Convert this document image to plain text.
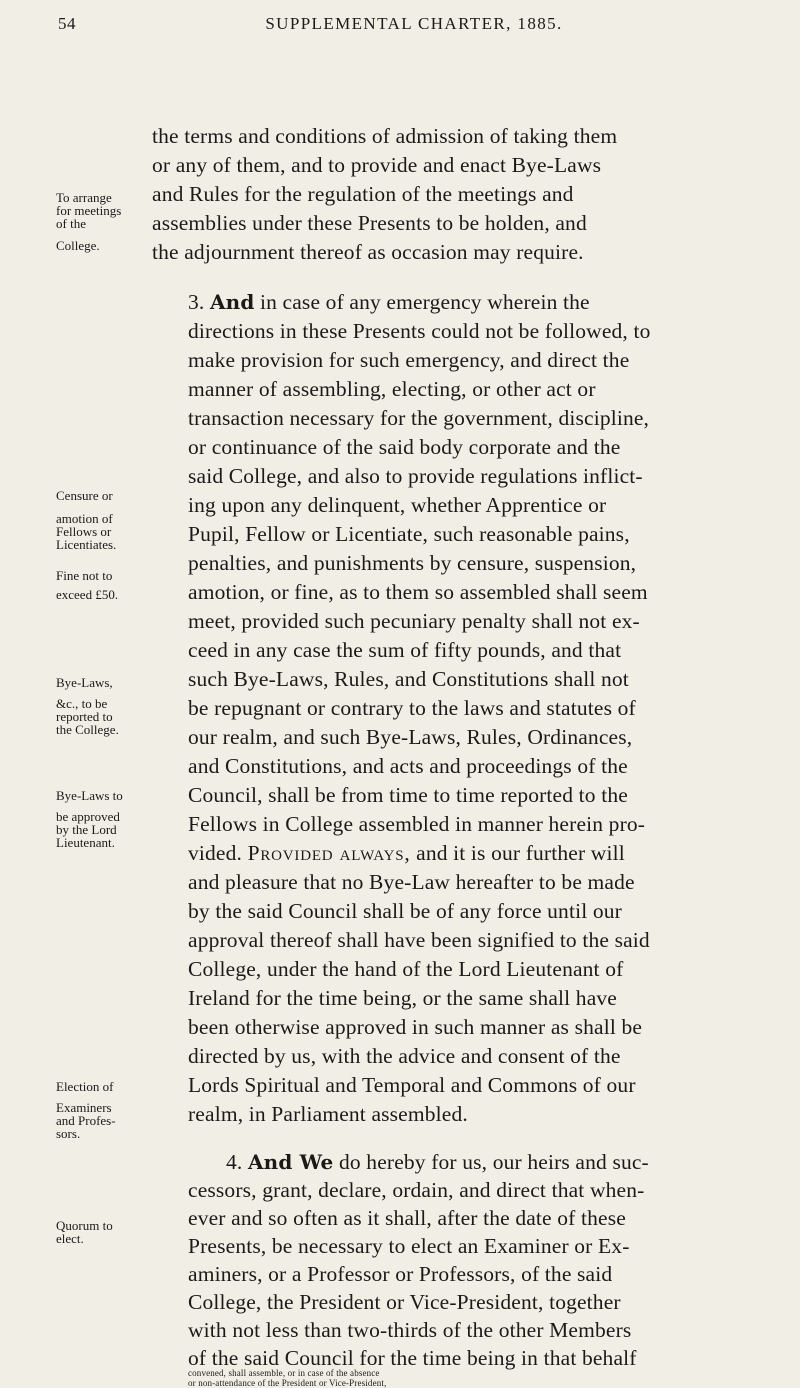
54	SUPPLEMENTAL CHARTER, 1885.
To arrange
for meetings
of the
College.
Censure or
amotion of
Fellows or
Licentiates.
Fine not to
exceed £50.
Bye-Laws,
&c., to be
reported to
the College.
Bye-Laws to
be approved
by the Lord
Lieutenant.
Election of
Examiners
and Profes-
sors.
Quorum to
elect.
the terms and conditions of admission of taking them
or any of them, and to provide and enact Bye-Laws
and Rules for the regulation of the meetings and
assemblies under these Presents to be holden, and
the adjournment thereof as occasion may require.
3. And in case of any emergency wherein the
directions in these Presents could not be followed, to
make provision for such emergency, and direct the
manner of assembling, electing, or other act or
transaction necessary for the government, discipline,
or continuance of the said body corporate and the
said College, and also to provide regulations inflict-
ing upon any delinquent, whether Apprentice or
Pupil, Fellow or Licentiate, such reasonable pains,
penalties, and punishments by censure, suspension,
amotion, or fine, as to them so assembled shall seem
meet, provided such pecuniary penalty shall not ex-
ceed in any case the sum of fifty pounds, and that
such Bye-Laws, Rules, and Constitutions shall not
be repugnant or contrary to the laws and statutes of
our realm, and such Bye-Laws, Rules, Ordinances,
and Constitutions, and acts and proceedings of the
Council, shall be from time to time reported to the
Fellows in College assembled in manner herein pro-
vided. Provided always, and it is our further will
and pleasure that no Bye-Law hereafter to be made
by the said Council shall be of any force until our
approval thereof shall have been signified to the said
College, under the hand of the Lord Lieutenant of
Ireland for the time being, or the same shall have
been otherwise approved in such manner as shall be
directed by us, with the advice and consent of the
Lords Spiritual and Temporal and Commons of our
realm, in Parliament assembled.
4. And We do hereby for us, our heirs and suc-
cessors, grant, declare, ordain, and direct that when-
ever and so often as it shall, after the date of these
Presents, be necessary to elect an Examiner or Ex-
aminers, or a Professor or Professors, of the said
College, the President or Vice-President, together
with not less than two-thirds of the other Members
of the said Council for the time being in that behalf
convened, shall assemble, or in case of the absence
or non-attendance of the President or Vice-President,
